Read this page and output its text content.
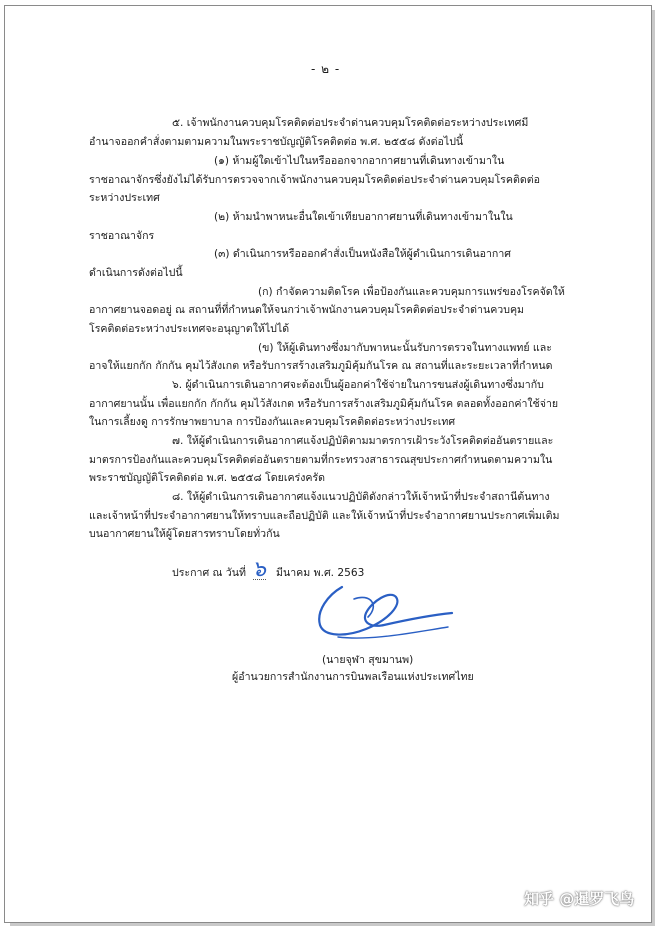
- ๒ -
๕. เจ้าพนักงานควบคุมโรคติดต่อประจำด่านควบคุมโรคติดต่อระหว่างประเทศมี
อำนาจออกคำสั่งตามตามความในพระราชบัญญัติโรคติดต่อ พ.ศ. ๒๕๕๘ ดังต่อไปนี้
(๑) ห้ามผู้ใดเข้าไปในหรือออกจากอากาศยานที่เดินทางเข้ามาใน
ราชอาณาจักรซึ่งยังไม่ได้รับการตรวจจากเจ้าพนักงานควบคุมโรคติดต่อประจำด่านควบคุมโรคติดต่อ
ระหว่างประเทศ
(๒) ห้ามนำพาหนะอื่นใดเข้าเทียบอากาศยานที่เดินทางเข้ามาในใน
ราชอาณาจักร
(๓) ดำเนินการหรือออกคำสั่งเป็นหนังสือให้ผู้ดำเนินการเดินอากาศ
ดำเนินการดังต่อไปนี้
(ก) กำจัดความติดโรค เพื่อป้องกันและควบคุมการแพร่ของโรคจัดให้
อากาศยานจอดอยู่ ณ สถานที่ที่กำหนดให้จนกว่าเจ้าพนักงานควบคุมโรคติดต่อประจำด่านควบคุม
โรคติดต่อระหว่างประเทศจะอนุญาตให้ไปได้
(ข) ให้ผู้เดินทางซึ่งมากับพาหนะนั้นรับการตรวจในทางแพทย์ และ
อาจให้แยกกัก กักกัน คุมไว้สังเกต หรือรับการสร้างเสริมภูมิคุ้มกันโรค ณ สถานที่และระยะเวลาที่กำหนด
๖. ผู้ดำเนินการเดินอากาศจะต้องเป็นผู้ออกค่าใช้จ่ายในการขนส่งผู้เดินทางซึ่งมากับ
อากาศยานนั้น เพื่อแยกกัก กักกัน คุมไว้สังเกต หรือรับการสร้างเสริมภูมิคุ้มกันโรค ตลอดทั้งออกค่าใช้จ่าย
ในการเลี้ยงดู การรักษาพยาบาล การป้องกันและควบคุมโรคติดต่อระหว่างประเทศ
๗. ให้ผู้ดำเนินการเดินอากาศแจ้งปฏิบัติตามมาตรการเฝ้าระวังโรคติดต่ออันตรายและ
มาตรการป้องกันและควบคุมโรคติดต่ออันตรายตามที่กระทรวงสาธารณสุขประกาศกำหนดตามความใน
พระราชบัญญัติโรคติดต่อ พ.ศ. ๒๕๕๘ โดยเคร่งครัด
๘. ให้ผู้ดำเนินการเดินอากาศแจ้งแนวปฏิบัติดังกล่าวให้เจ้าหน้าที่ประจำสถานีต้นทาง
และเจ้าหน้าที่ประจำอากาศยานให้ทราบและถือปฏิบัติ และให้เจ้าหน้าที่ประจำอากาศยานประกาศเพิ่มเติม
บนอากาศยานให้ผู้โดยสารทราบโดยทั่วกัน
ประกาศ ณ วันที่ ๖ มีนาคม พ.ศ. 2563
(นายจุฬา สุขมานพ)
ผู้อำนวยการสำนักงานการบินพลเรือนแห่งประเทศไทย
知乎 @暹罗飞鸟
